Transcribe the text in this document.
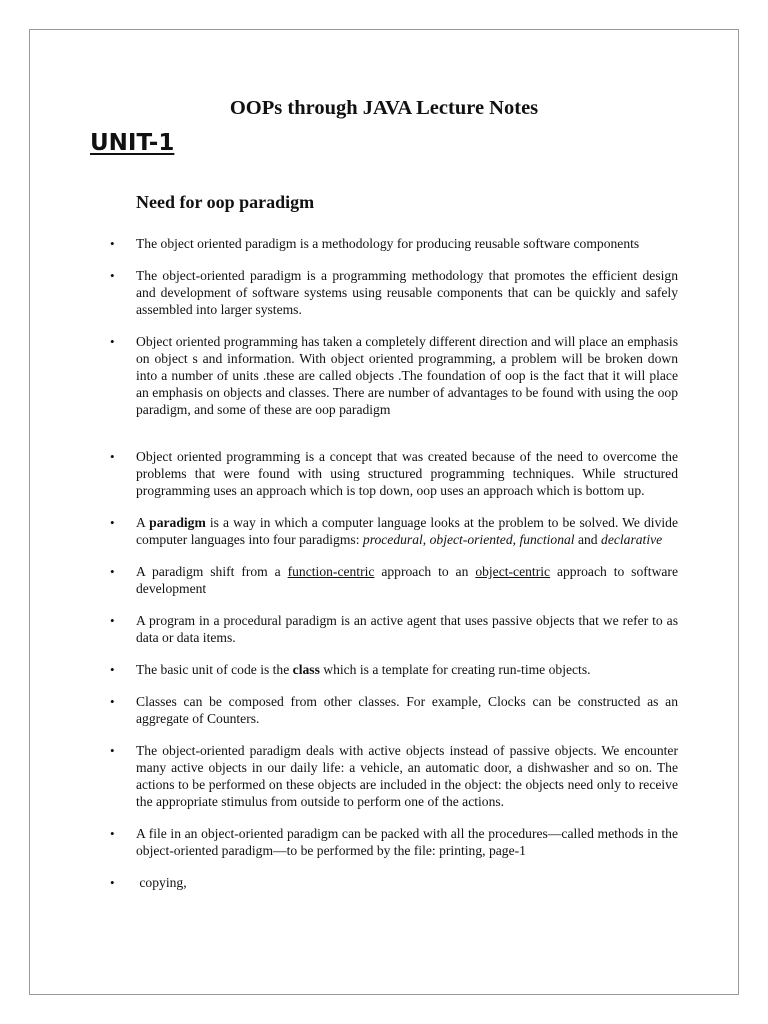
OOPs through JAVA Lecture Notes
UNIT-1
Need for oop paradigm
•	The object oriented paradigm is a methodology for producing reusable software components
•	The object-oriented paradigm is a programming methodology that promotes the efficient design and development of software systems using reusable components that can be quickly and safely assembled into larger systems.
•	Object oriented programming has taken a completely different direction and will place an emphasis on object s and information. With object oriented programming, a problem will be broken down into a number of units .these are called objects .The foundation of oop is the fact that it will place an emphasis on objects and classes. There are number of advantages to be found with using the oop paradigm, and some of these are oop paradigm
•	Object oriented programming is a concept that was created because of the need to overcome the problems that were found with using structured programming techniques. While structured programming uses an approach which is top down, oop uses an approach which is bottom up.
•	A paradigm is a way in which a computer language looks at the problem to be solved. We divide computer languages into four paradigms: procedural, object-oriented, functional and declarative
•	A paradigm shift from a function-centric approach to an object-centric approach to software development
•	A program in a procedural paradigm is an active agent that uses passive objects that we refer to as data or data items.
•	The basic unit of code is the class which is a template for creating run-time objects.
•	Classes can be composed from other classes. For example, Clocks can be constructed as an aggregate of Counters.
•	The object-oriented paradigm deals with active objects instead of passive objects. We encounter many active objects in our daily life: a vehicle, an automatic door, a dishwasher and so on. The actions to be performed on these objects are included in the object: the objects need only to receive the appropriate stimulus from outside to perform one of the actions.
•	A file in an object-oriented paradigm can be packed with all the procedures—called methods in the object-oriented paradigm—to be performed by the file: printing, page-1
•	copying,
